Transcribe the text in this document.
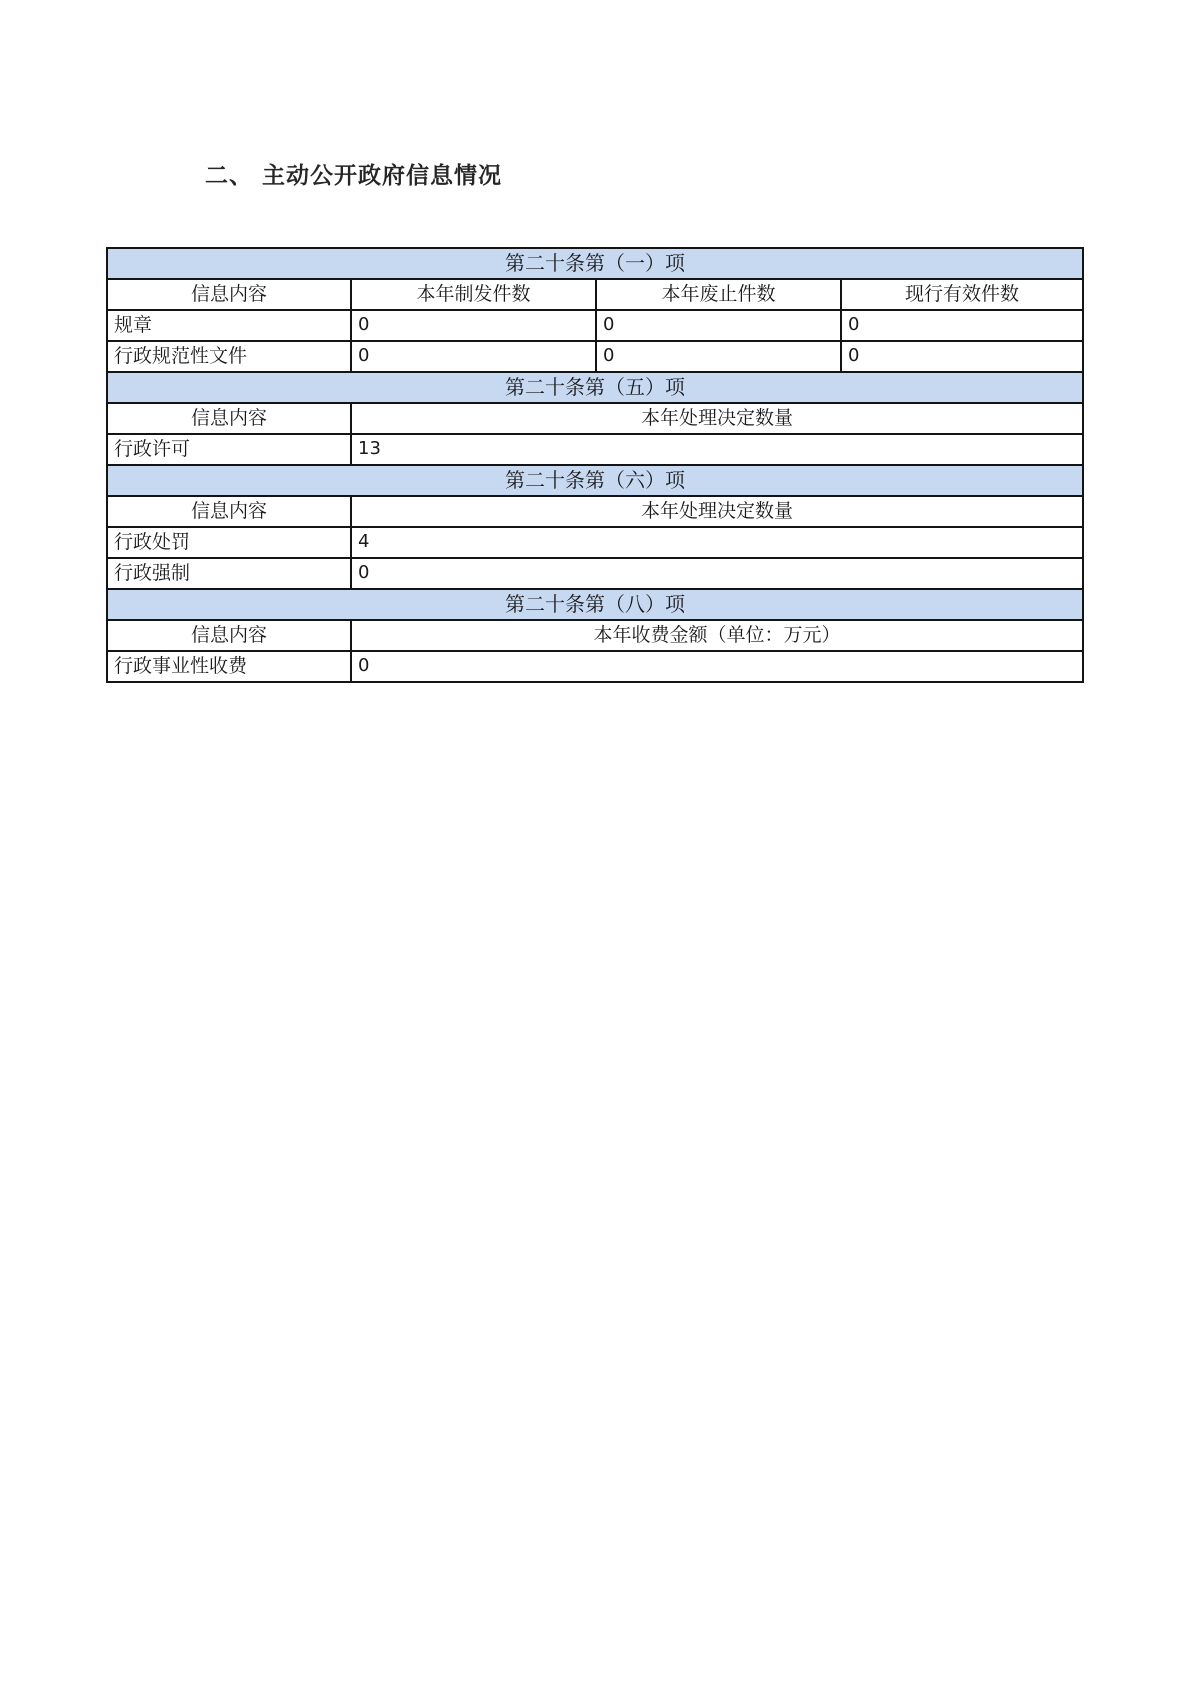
二、 主动公开政府信息情况
第二十条第（一）项			
信息内容	本年制发件数	本年废止件数	现行有效件数
规章	0	0	0
行政规范性文件	0	0	0
第二十条第（五）项			
信息内容	本年处理决定数量		
行政许可	13		
第二十条第（六）项			
信息内容	本年处理决定数量		
行政处罚	4		
行政强制	0		
第二十条第（八）项			
信息内容	本年收费金额（单位：万元）		
行政事业性收费	0		
